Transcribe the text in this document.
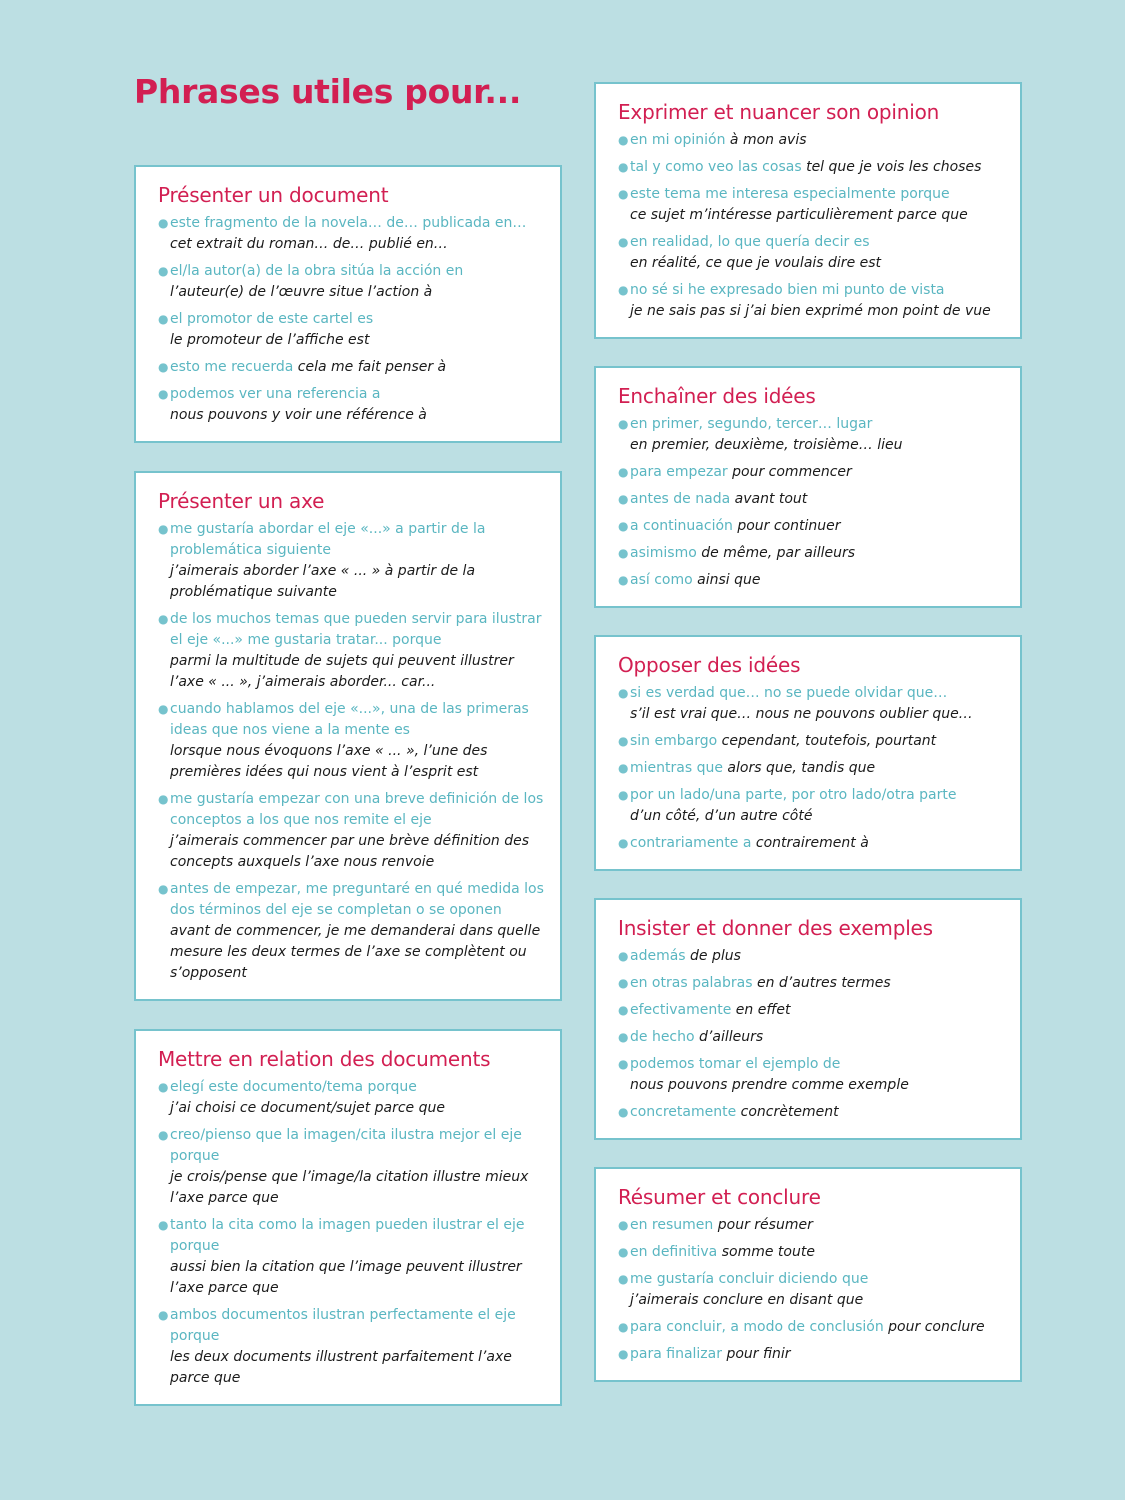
Phrases utiles pour...
Présenter un document
● este fragmento de la novela… de… publicada en…
cet extrait du roman… de… publié en…
● el/la autor(a) de la obra sitúa la acción en
l’auteur(e) de l’œuvre situe l’action à
● el promotor de este cartel es
le promoteur de l’affiche est
● esto me recuerda cela me fait penser à
● podemos ver una referencia a
nous pouvons y voir une référence à
Présenter un axe
● me gustaría abordar el eje «...» a partir de la problemática siguiente
j’aimerais aborder l’axe « ... » à partir de la problématique suivante
● de los muchos temas que pueden servir para ilustrar el eje «...» me gustaria tratar... porque
parmi la multitude de sujets qui peuvent illustrer l’axe « ... », j’aimerais aborder... car...
● cuando hablamos del eje «...», una de las primeras ideas que nos viene a la mente es
lorsque nous évoquons l’axe « ... », l’une des premières idées qui nous vient à l’esprit est
● me gustaría empezar con una breve definición de los conceptos a los que nos remite el eje
j’aimerais commencer par une brève définition des concepts auxquels l’axe nous renvoie
● antes de empezar, me preguntaré en qué medida los dos términos del eje se completan o se oponen
avant de commencer, je me demanderai dans quelle mesure les deux termes de l’axe se complètent ou s’opposent
Mettre en relation des documents
● elegí este documento/tema porque
j’ai choisi ce document/sujet parce que
● creo/pienso que la imagen/cita ilustra mejor el eje porque
je crois/pense que l’image/la citation illustre mieux l’axe parce que
● tanto la cita como la imagen pueden ilustrar el eje porque
aussi bien la citation que l’image peuvent illustrer l’axe parce que
● ambos documentos ilustran perfectamente el eje porque
les deux documents illustrent parfaitement l’axe parce que
Exprimer et nuancer son opinion
● en mi opinión à mon avis
● tal y como veo las cosas tel que je vois les choses
● este tema me interesa especialmente porque
ce sujet m’intéresse particulièrement parce que
● en realidad, lo que quería decir es
en réalité, ce que je voulais dire est
● no sé si he expresado bien mi punto de vista
je ne sais pas si j’ai bien exprimé mon point de vue
Enchaîner des idées
● en primer, segundo, tercer… lugar
en premier, deuxième, troisième… lieu
● para empezar pour commencer
● antes de nada avant tout
● a continuación pour continuer
● asimismo de même, par ailleurs
● así como ainsi que
Opposer des idées
● si es verdad que… no se puede olvidar que…
s’il est vrai que… nous ne pouvons oublier que…
● sin embargo cependant, toutefois, pourtant
● mientras que alors que, tandis que
● por un lado/una parte, por otro lado/otra parte
d’un côté, d’un autre côté
● contrariamente a contrairement à
Insister et donner des exemples
● además de plus
● en otras palabras en d’autres termes
● efectivamente en effet
● de hecho d’ailleurs
● podemos tomar el ejemplo de
nous pouvons prendre comme exemple
● concretamente concrètement
Résumer et conclure
● en resumen pour résumer
● en definitiva somme toute
● me gustaría concluir diciendo que
j’aimerais conclure en disant que
● para concluir, a modo de conclusión pour conclure
● para finalizar pour finir
